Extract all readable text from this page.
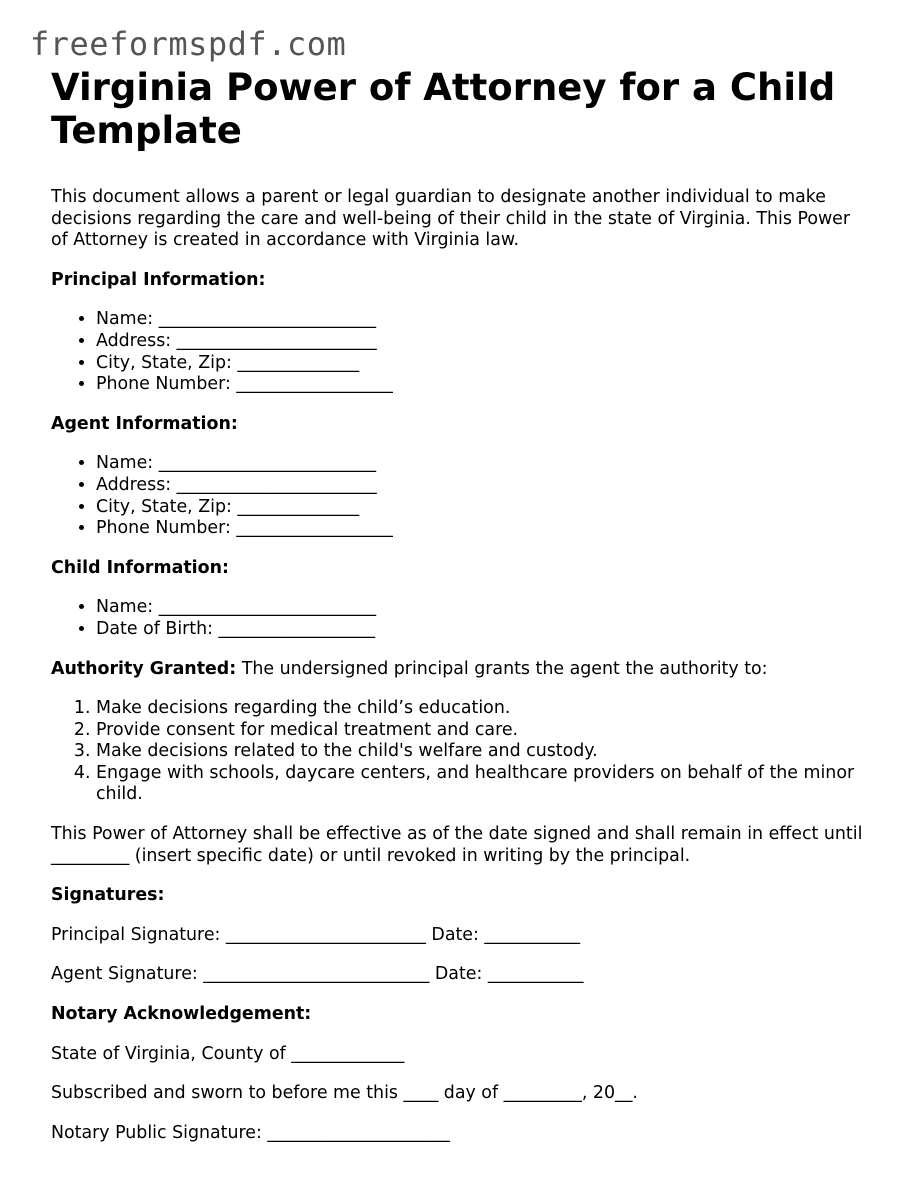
freeformspdf.com
Virginia Power of Attorney for a Child Template

This document allows a parent or legal guardian to designate another individual to make decisions regarding the care and well-being of their child in the state of Virginia. This Power of Attorney is created in accordance with Virginia law.

Principal Information:

• Name: _________________________
• Address: _______________________
• City, State, Zip: ______________
• Phone Number: __________________

Agent Information:

• Name: _________________________
• Address: _______________________
• City, State, Zip: ______________
• Phone Number: __________________

Child Information:

• Name: _________________________
• Date of Birth: __________________

Authority Granted: The undersigned principal grants the agent the authority to:

1. Make decisions regarding the child’s education.
2. Provide consent for medical treatment and care.
3. Make decisions related to the child's welfare and custody.
4. Engage with schools, daycare centers, and healthcare providers on behalf of the minor child.

This Power of Attorney shall be effective as of the date signed and shall remain in effect until _________ (insert specific date) or until revoked in writing by the principal.

Signatures:

Principal Signature: _______________________ Date: ___________

Agent Signature: __________________________ Date: ___________

Notary Acknowledgement:

State of Virginia, County of _____________

Subscribed and sworn to before me this ____ day of _________, 20__.

Notary Public Signature: _____________________
